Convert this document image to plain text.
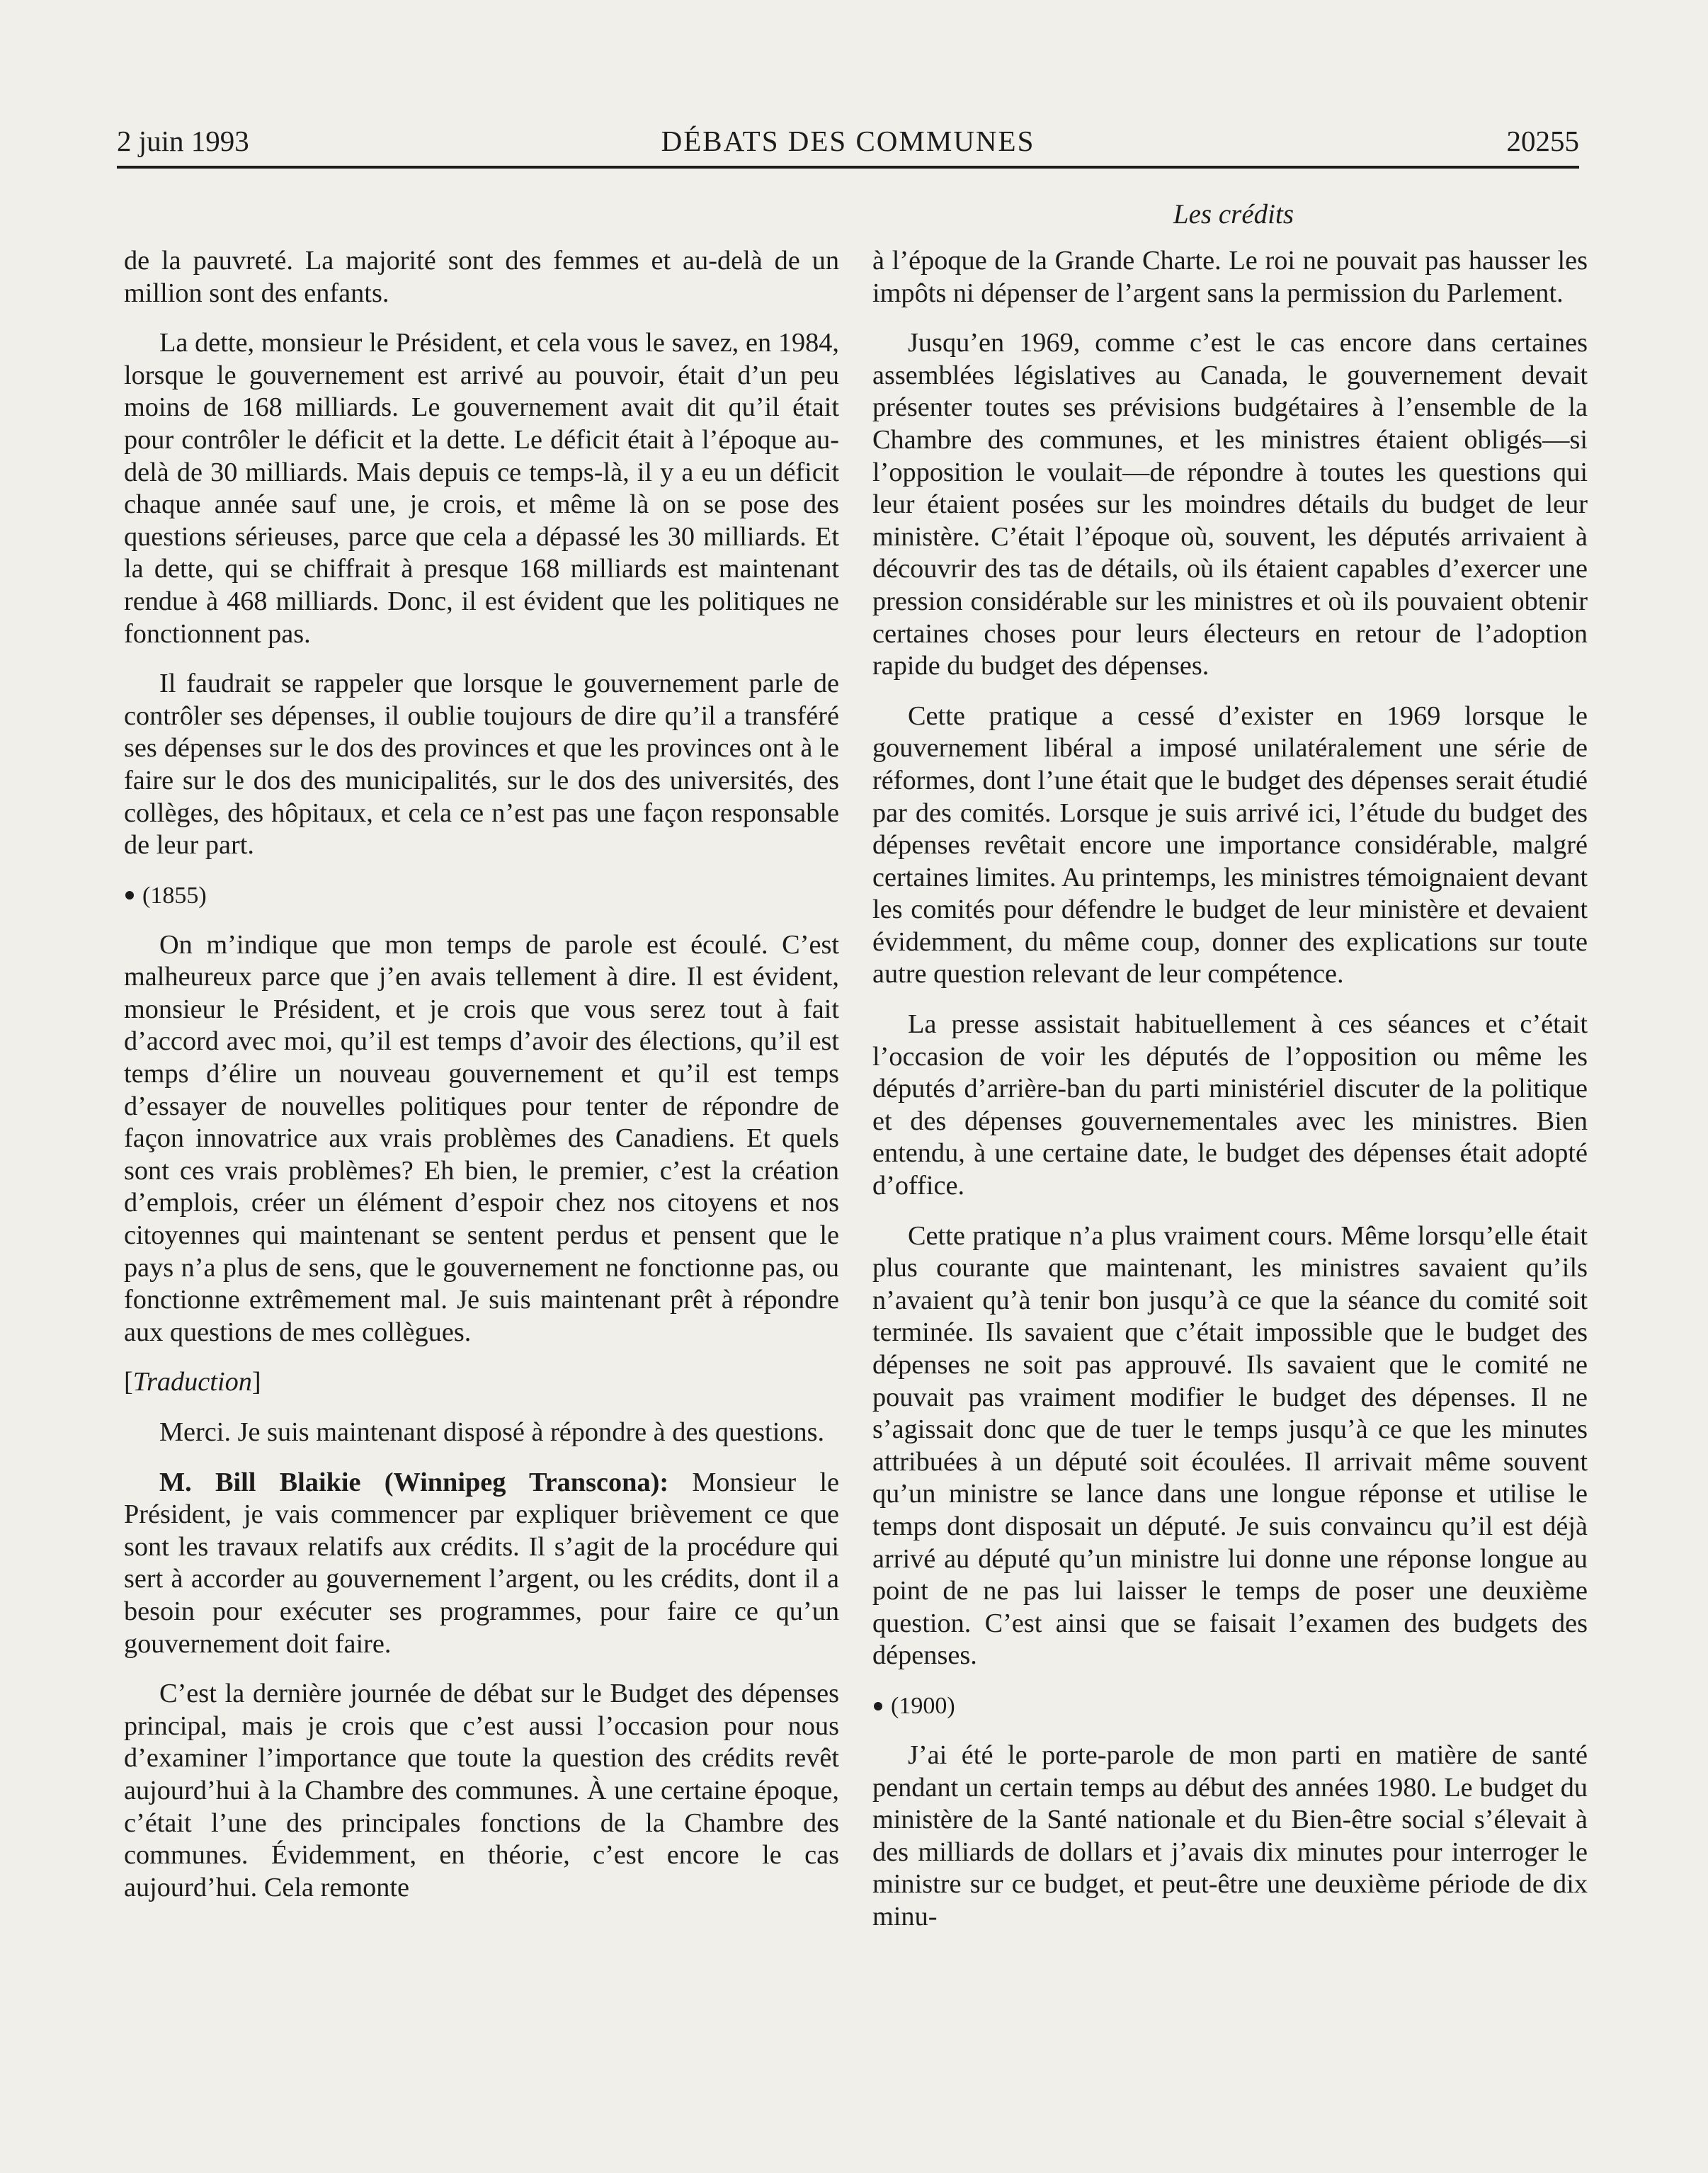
2 juin 1993	DÉBATS DES COMMUNES	20255
Les crédits

de la pauvreté. La majorité sont des femmes et au-delà de un million sont des enfants.

La dette, monsieur le Président, et cela vous le savez, en 1984, lorsque le gouvernement est arrivé au pouvoir, était d’un peu moins de 168 milliards. Le gouvernement avait dit qu’il était pour contrôler le déficit et la dette. Le déficit était à l’époque au-delà de 30 milliards. Mais depuis ce temps-là, il y a eu un déficit chaque année sauf une, je crois, et même là on se pose des questions sérieuses, parce que cela a dépassé les 30 milliards. Et la dette, qui se chiffrait à presque 168 milliards est maintenant rendue à 468 milliards. Donc, il est évident que les politiques ne fonctionnent pas.

Il faudrait se rappeler que lorsque le gouvernement parle de contrôler ses dépenses, il oublie toujours de dire qu’il a transféré ses dépenses sur le dos des provinces et que les provinces ont à le faire sur le dos des municipalités, sur le dos des universités, des collèges, des hôpitaux, et cela ce n’est pas une façon responsable de leur part.

(1855)

On m’indique que mon temps de parole est écoulé. C’est malheureux parce que j’en avais tellement à dire. Il est évident, monsieur le Président, et je crois que vous serez tout à fait d’accord avec moi, qu’il est temps d’avoir des élections, qu’il est temps d’élire un nouveau gouvernement et qu’il est temps d’essayer de nouvelles politiques pour tenter de répondre de façon innovatrice aux vrais problèmes des Canadiens. Et quels sont ces vrais problèmes? Eh bien, le premier, c’est la création d’emplois, créer un élément d’espoir chez nos citoyens et nos citoyennes qui maintenant se sentent perdus et pensent que le pays n’a plus de sens, que le gouvernement ne fonctionne pas, ou fonctionne extrêmement mal. Je suis maintenant prêt à répondre aux questions de mes collègues.

[Traduction]

Merci. Je suis maintenant disposé à répondre à des questions.

M. Bill Blaikie (Winnipeg Transcona): Monsieur le Président, je vais commencer par expliquer brièvement ce que sont les travaux relatifs aux crédits. Il s’agit de la procédure qui sert à accorder au gouvernement l’argent, ou les crédits, dont il a besoin pour exécuter ses programmes, pour faire ce qu’un gouvernement doit faire.

C’est la dernière journée de débat sur le Budget des dépenses principal, mais je crois que c’est aussi l’occasion pour nous d’examiner l’importance que toute la question des crédits revêt aujourd’hui à la Chambre des communes. À une certaine époque, c’était l’une des principales fonctions de la Chambre des communes. Évidemment, en théorie, c’est encore le cas aujourd’hui. Cela remonte

à l’époque de la Grande Charte. Le roi ne pouvait pas hausser les impôts ni dépenser de l’argent sans la permission du Parlement.

Jusqu’en 1969, comme c’est le cas encore dans certaines assemblées législatives au Canada, le gouvernement devait présenter toutes ses prévisions budgétaires à l’ensemble de la Chambre des communes, et les ministres étaient obligés—si l’opposition le voulait—de répondre à toutes les questions qui leur étaient posées sur les moindres détails du budget de leur ministère. C’était l’époque où, souvent, les députés arrivaient à découvrir des tas de détails, où ils étaient capables d’exercer une pression considérable sur les ministres et où ils pouvaient obtenir certaines choses pour leurs électeurs en retour de l’adoption rapide du budget des dépenses.

Cette pratique a cessé d’exister en 1969 lorsque le gouvernement libéral a imposé unilatéralement une série de réformes, dont l’une était que le budget des dépenses serait étudié par des comités. Lorsque je suis arrivé ici, l’étude du budget des dépenses revêtait encore une importance considérable, malgré certaines limites. Au printemps, les ministres témoignaient devant les comités pour défendre le budget de leur ministère et devaient évidemment, du même coup, donner des explications sur toute autre question relevant de leur compétence.

La presse assistait habituellement à ces séances et c’était l’occasion de voir les députés de l’opposition ou même les députés d’arrière-ban du parti ministériel discuter de la politique et des dépenses gouvernementales avec les ministres. Bien entendu, à une certaine date, le budget des dépenses était adopté d’office.

Cette pratique n’a plus vraiment cours. Même lorsqu’elle était plus courante que maintenant, les ministres savaient qu’ils n’avaient qu’à tenir bon jusqu’à ce que la séance du comité soit terminée. Ils savaient que c’était impossible que le budget des dépenses ne soit pas approuvé. Ils savaient que le comité ne pouvait pas vraiment modifier le budget des dépenses. Il ne s’agissait donc que de tuer le temps jusqu’à ce que les minutes attribuées à un député soit écoulées. Il arrivait même souvent qu’un ministre se lance dans une longue réponse et utilise le temps dont disposait un député. Je suis convaincu qu’il est déjà arrivé au député qu’un ministre lui donne une réponse longue au point de ne pas lui laisser le temps de poser une deuxième question. C’est ainsi que se faisait l’examen des budgets des dépenses.

(1900)

J’ai été le porte-parole de mon parti en matière de santé pendant un certain temps au début des années 1980. Le budget du ministère de la Santé nationale et du Bien-être social s’élevait à des milliards de dollars et j’avais dix minutes pour interroger le ministre sur ce budget, et peut-être une deuxième période de dix minu-
